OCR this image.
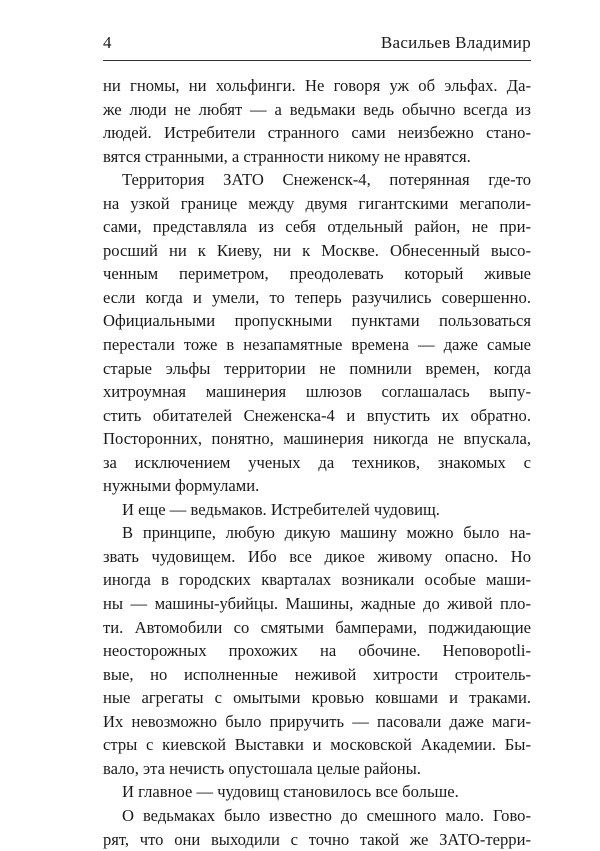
4	Васильев Владимир
ни гномы, ни хольфинги. Не говоря уж об эльфах. Да-
же люди не любят — а ведьмаки ведь обычно всегда из
людей. Истребители странного сами неизбежно стано-
вятся странными, а странности никому не нравятся.
Территория ЗАТО Снеженск-4, потерянная где-то
на узкой границе между двумя гигантскими мегаполи-
сами, представляла из себя отдельный район, не при-
росший ни к Киеву, ни к Москве. Обнесенный высо-
ченным периметром, преодолевать который живые
если когда и умели, то теперь разучились совершенно.
Официальными пропускными пунктами пользоваться
перестали тоже в незапамятные времена — даже самые
старые эльфы территории не помнили времен, когда
хитроумная машинерия шлюзов соглашалась выпу-
стить обитателей Снеженска-4 и впустить их обратно.
Посторонних, понятно, машинерия никогда не впускала,
за исключением ученых да техников, знакомых с
нужными формулами.
И еще — ведьмаков. Истребителей чудовищ.
В принципе, любую дикую машину можно было на-
звать чудовищем. Ибо все дикое живому опасно. Но
иногда в городских кварталах возникали особые маши-
ны — машины-убийцы. Машины, жадные до живой пло-
ти. Автомобили со смятыми бамперами, поджидающие
неосторожных прохожих на обочине. Неповороtli-
вые, но исполненные неживой хитрости строитель-
ные агрегаты с омытыми кровью ковшами и траками.
Их невозможно было приручить — пасовали даже маги-
стры с киевской Выставки и московской Академии. Бы-
вало, эта нечисть опустошала целые районы.
И главное — чудовищ становилось все больше.
О ведьмаках было известно до смешного мало. Гово-
рят, что они выходили с точно такой же ЗАТО-терри-
